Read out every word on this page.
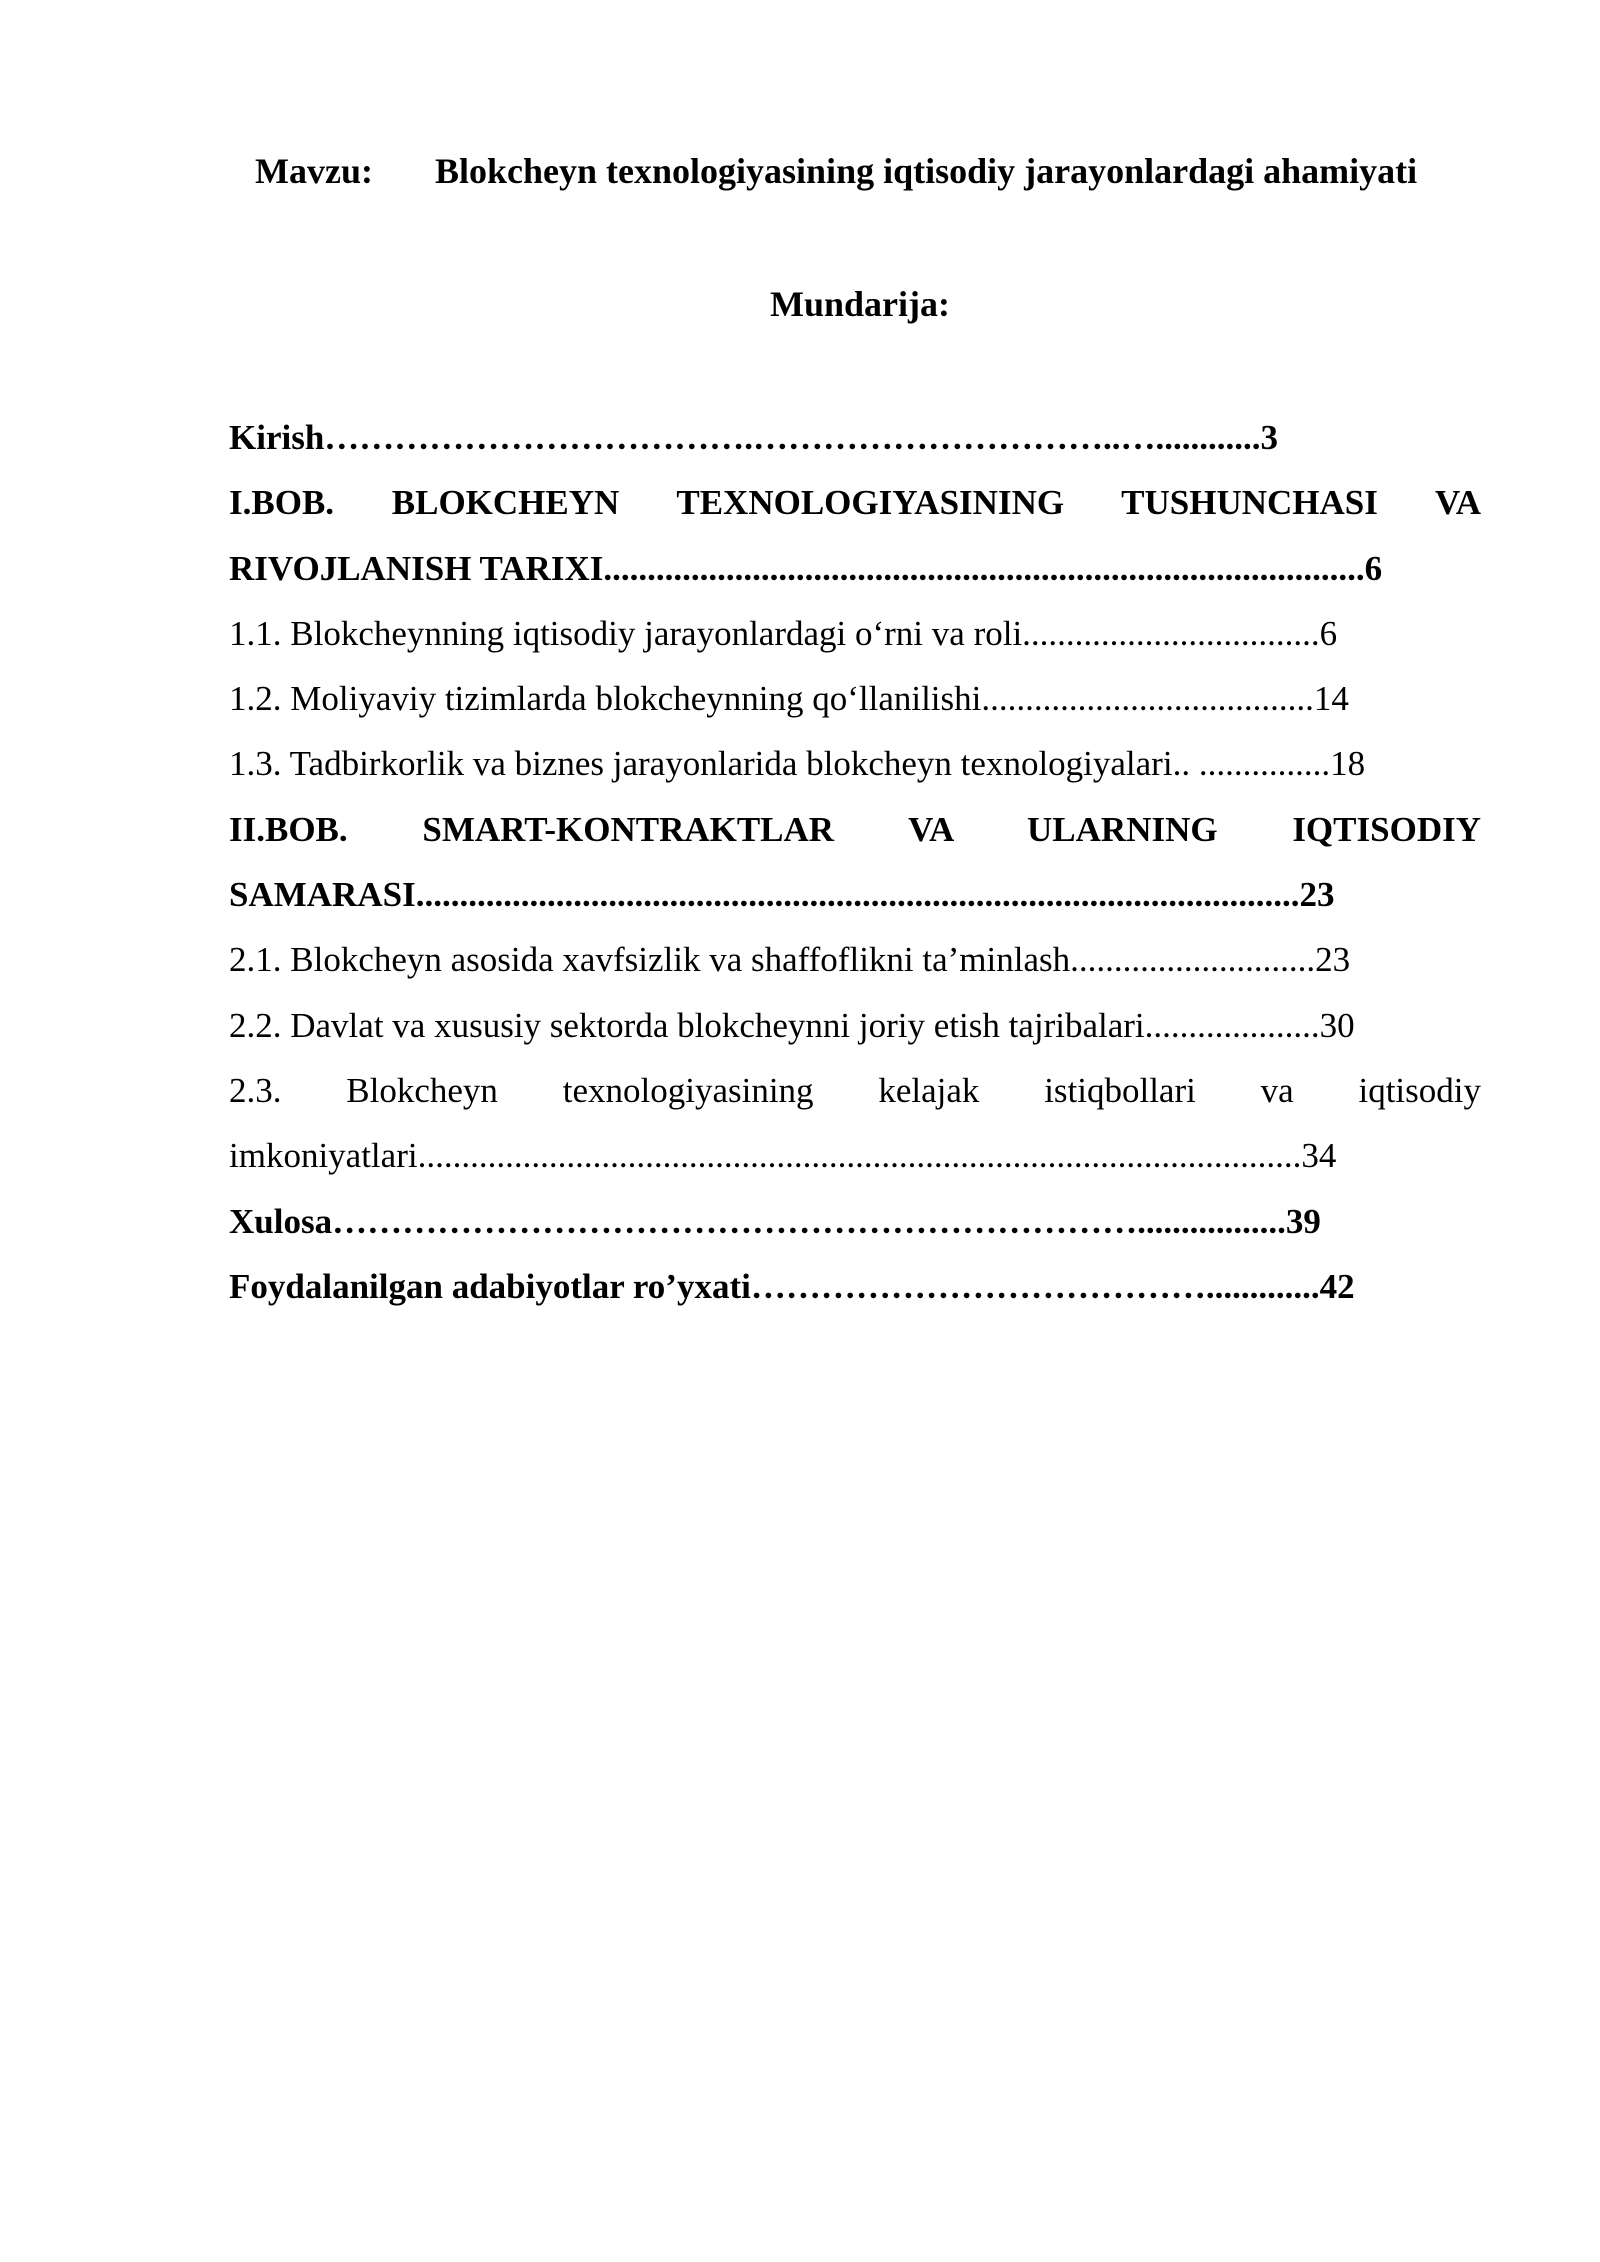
Mavzu: Blokcheyn texnologiyasining iqtisodiy jarayonlardagi ahamiyati
Mundarija:
Kirish……………………………….…………………………..…............3
I.BOB. BLOKCHEYN TEXNOLOGIYASINING TUSHUNCHASI VA
RIVOJLANISH TARIXI.......................................................................................6
1.1. Blokcheynning iqtisodiy jarayonlardagi o‘rni va roli..................................6
1.2. Moliyaviy tizimlarda blokcheynning qo‘llanilishi......................................14
1.3. Tadbirkorlik va biznes jarayonlarida blokcheyn texnologiyalari.. ...............18
II.BOB. SMART-KONTRAKTLAR VA ULARNING IQTISODIY
SAMARASI.....................................................................................................23
2.1. Blokcheyn asosida xavfsizlik va shaffoflikni ta’minlash............................23
2.2. Davlat va xususiy sektorda blokcheynni joriy etish tajribalari....................30
2.3. Blokcheyn texnologiyasining kelajak istiqbollari va iqtisodiy
imkoniyatlari.....................................................................................................34
Xulosa…………………………………………………………….................39
Foydalanilgan adabiyotlar ro’yxati………………………………….............42
